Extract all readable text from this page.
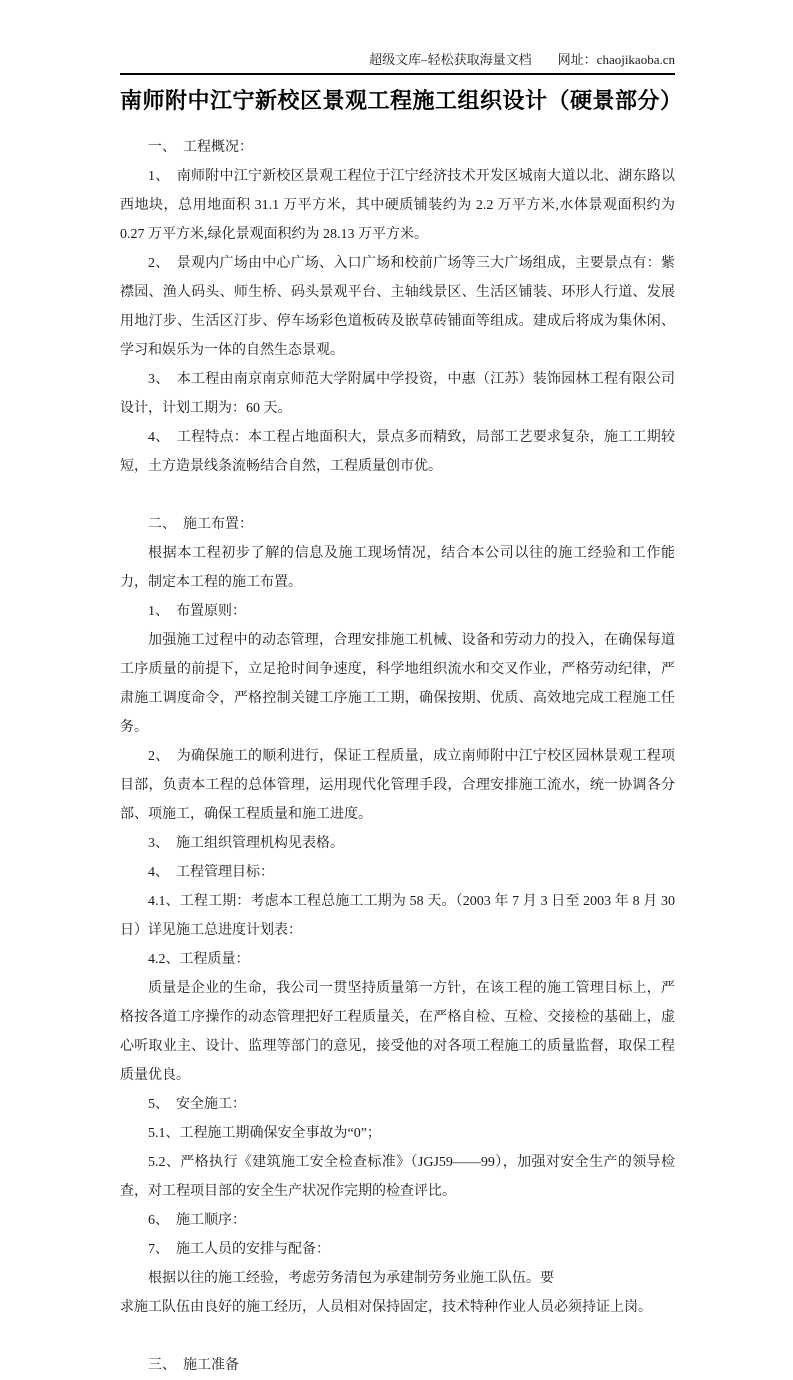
超级文库–轻松获取海量文档 网址：chaojikaoba.cn
南师附中江宁新校区景观工程施工组织设计（硬景部分）

一、　工程概况：

1、　南师附中江宁新校区景观工程位于江宁经济技术开发区城南大道以北、湖东路以西地块，总用地面积 31.1 万平方米，其中硬质铺装约为 2.2 万平方米,水体景观面积约为 0.27 万平方米,绿化景观面积约为 28.13 万平方米。

2、　景观内广场由中心广场、入口广场和校前广场等三大广场组成，主要景点有：紫襟园、渔人码头、师生桥、码头景观平台、主轴线景区、生活区铺装、环形人行道、发展用地汀步、生活区汀步、停车场彩色道板砖及嵌草砖铺面等组成。建成后将成为集休闲、学习和娱乐为一体的自然生态景观。

3、　本工程由南京南京师范大学附属中学投资，中惠（江苏）装饰园林工程有限公司设计，计划工期为：60 天。

4、　工程特点：本工程占地面积大，景点多而精致，局部工艺要求复杂，施工工期较短，土方造景线条流畅结合自然，工程质量创市优。

二、　施工布置：

根据本工程初步了解的信息及施工现场情况，结合本公司以往的施工经验和工作能力，制定本工程的施工布置。

1、　布置原则：

加强施工过程中的动态管理，合理安排施工机械、设备和劳动力的投入，在确保每道工序质量的前提下，立足抢时间争速度，科学地组织流水和交叉作业，严格劳动纪律，严肃施工调度命令，严格控制关键工序施工工期，确保按期、优质、高效地完成工程施工任务。

2、　为确保施工的顺利进行，保证工程质量，成立南师附中江宁校区园林景观工程项目部，负责本工程的总体管理，运用现代化管理手段，合理安排施工流水，统一协调各分部、项施工，确保工程质量和施工进度。

3、　施工组织管理机构见表格。

4、　工程管理目标：

4.1、工程工期：考虑本工程总施工工期为 58 天。（2003 年 7 月 3 日至 2003 年 8 月 30 日）详见施工总进度计划表：

4.2、工程质量：

质量是企业的生命，我公司一贯坚持质量第一方针，在该工程的施工管理目标上，严格按各道工序操作的动态管理把好工程质量关，在严格自检、互检、交接检的基础上，虚心听取业主、设计、监理等部门的意见，接受他的对各项工程施工的质量监督，取保工程质量优良。

5、　安全施工：

5.1、工程施工期确保安全事故为“0”；

5.2、严格执行《建筑施工安全检查标准》（JGJ59——99），加强对安全生产的领导检查，对工程项目部的安全生产状况作完期的检查评比。

6、　施工顺序：

7、　施工人员的安排与配备：

根据以往的施工经验，考虑劳务清包为承建制劳务业施工队伍。要

求施工队伍由良好的施工经历，人员相对保持固定，技术特种作业人员必须持证上岗。

三、　施工准备
